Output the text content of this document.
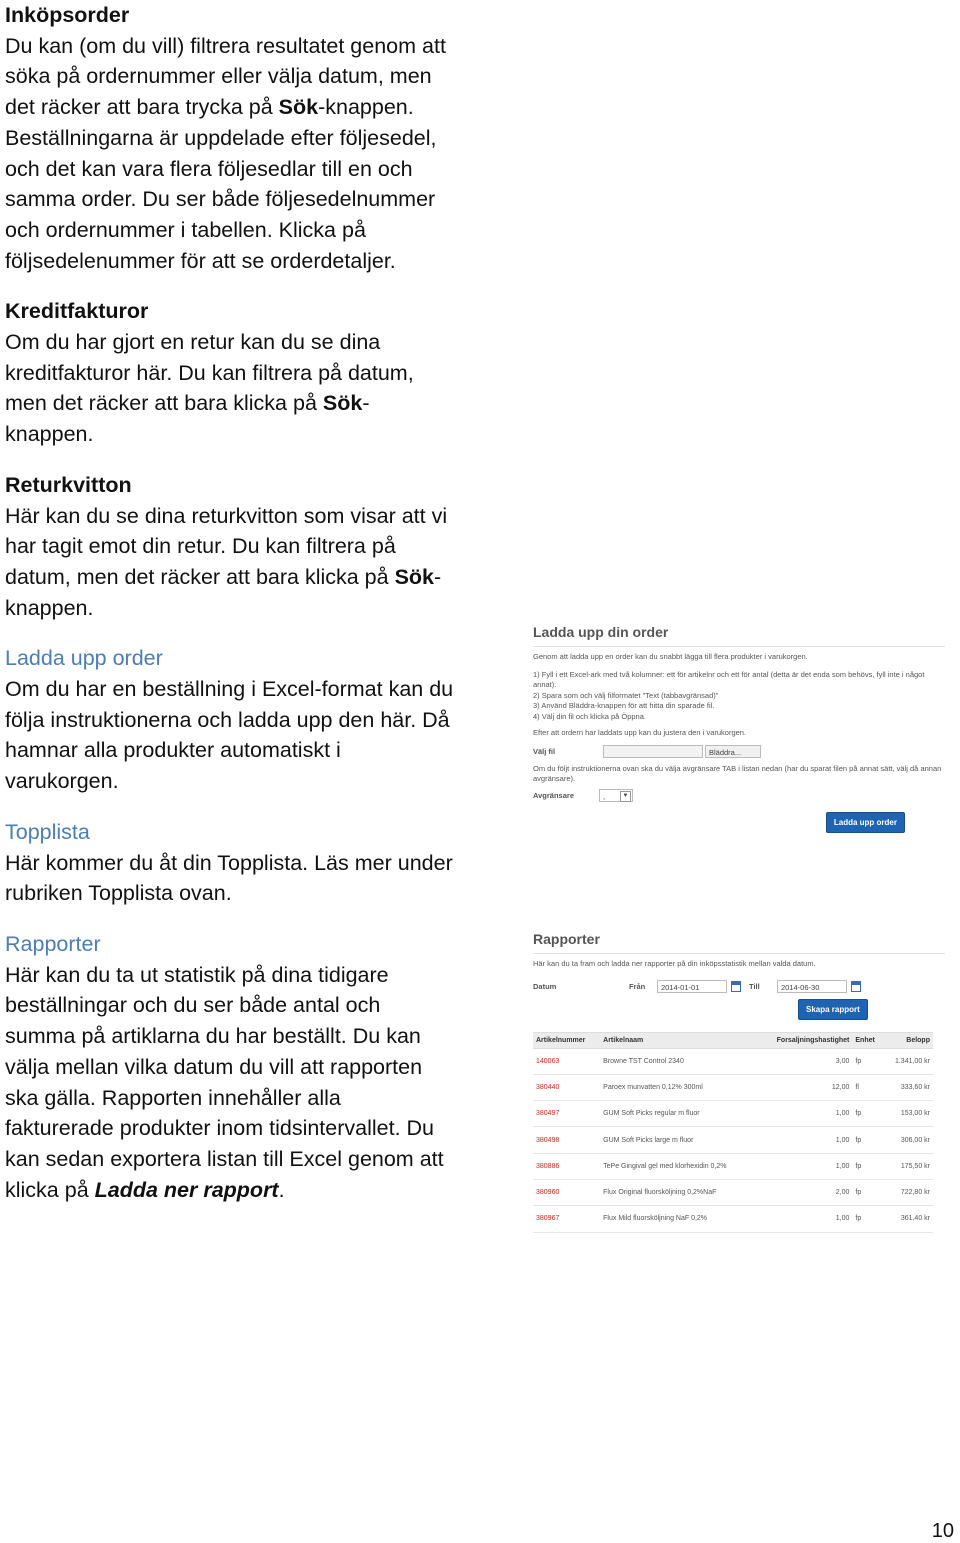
Inköpsorder
Du kan (om du vill) filtrera resultatet genom att söka på ordernummer eller välja datum, men det räcker att bara trycka på Sök-knappen. Beställningarna är uppdelade efter följesedel, och det kan vara flera följesedlar till en och samma order. Du ser både följesedelnummer och ordernummer i tabellen. Klicka på följsedelenummer för att se orderdetaljer.

Kreditfakturor
Om du har gjort en retur kan du se dina kreditfakturor här. Du kan filtrera på datum, men det räcker att bara klicka på Sök-knappen.

Returkvitton
Här kan du se dina returkvitton som visar att vi har tagit emot din retur. Du kan filtrera på datum, men det räcker att bara klicka på Sök-knappen.

Ladda upp order
Om du har en beställning i Excel-format kan du följa instruktionerna och ladda upp den här. Då hamnar alla produkter automatiskt i varukorgen.

Topplista
Här kommer du åt din Topplista. Läs mer under rubriken Topplista ovan.

Rapporter
Här kan du ta ut statistik på dina tidigare beställningar och du ser både antal och summa på artiklarna du har beställt. Du kan välja mellan vilka datum du vill att rapporten ska gälla. Rapporten innehåller alla fakturerade produkter inom tidsintervallet. Du kan sedan exportera listan till Excel genom att klicka på Ladda ner rapport.

Ladda upp din order

Genom att ladda upp en order kan du snabbt lägga till flera produkter i varukorgen.

1) Fyll i ett Excel-ark med två kolumner: ett för artikelnr och ett för antal (detta är det enda som behövs, fyll inte i något annat).

2) Spara som och välj filformatet "Text (tabbavgränsad)"

3) Använd Bläddra-knappen för att hitta din sparade fil.

4) Välj din fil och klicka på Öppna.

Efter att ordern har laddats upp kan du justera den i varukorgen.

Välj fil	Bläddra...

Om du följt instruktionerna ovan ska du välja avgränsare TAB i listan nedan (har du sparat filen på annat sätt, välj då annan avgränsare).

Avgränsare	,	▼
Ladda upp order

Rapporter

Här kan du ta fram och ladda ner rapporter på din inköpsstatistik mellan valda datum.

Datum	Från	2014-01-01	Till	2014-06-30
Skapa rapport
Artikelnummer	Artikelnaam	Forsaljningshastighet	Enhet	Belopp
140063	Browne TST Control 2340	3,00	fp	1.341,00 kr
380440	Paroex munvatten 0,12% 300ml	12,00	fl	333,60 kr
380497	GUM Soft Picks regular m fluor	1,00	fp	153,00 kr
380498	GUM Soft Picks large m fluor	1,00	fp	306,00 kr
380886	TePe Gingival gel med klorhexidin 0,2%	1,00	fp	175,50 kr
380960	Flux Original fluorsköljning 0,2%NaF	2,00	fp	722,80 kr
380967	Flux Mild fluorsköljning NaF 0,2%	1,00	fp	361,40 kr
10
